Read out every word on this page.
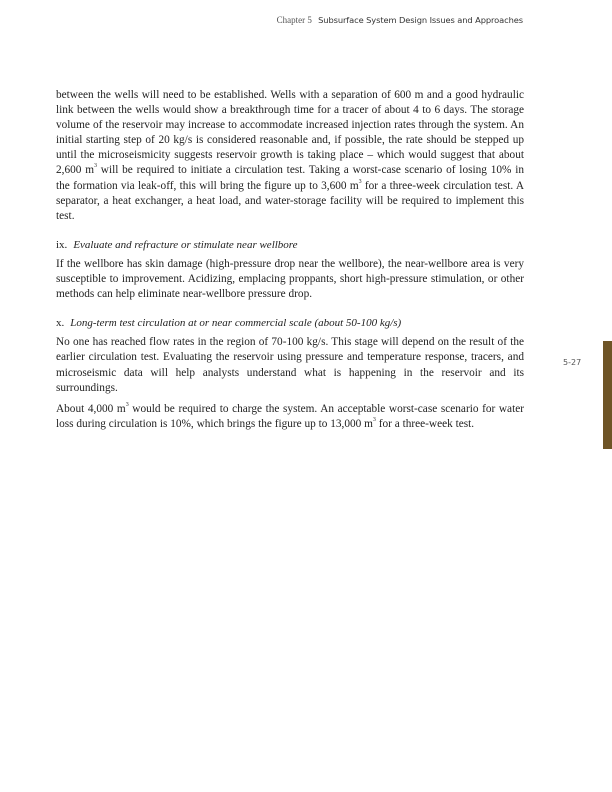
Chapter 5 Subsurface System Design Issues and Approaches

between the wells will need to be established. Wells with a separation of 600 m and a good hydraulic link between the wells would show a breakthrough time for a tracer of about 4 to 6 days. The storage volume of the reservoir may increase to accommodate increased injection rates through the system. An initial starting step of 20 kg/s is considered reasonable and, if possible, the rate should be stepped up until the microseismicity suggests reservoir growth is taking place – which would suggest that about 2,600 $m^3$ will be required to initiate a circulation test. Taking a worst-case scenario of losing 10% in the formation via leak-off, this will bring the figure up to 3,600 $m^3$ for a three-week circulation test. A separator, a heat exchanger, a heat load, and water-storage facility will be required to implement this test.

ix. Evaluate and refracture or stimulate near wellbore

If the wellbore has skin damage (high-pressure drop near the wellbore), the near-wellbore area is very susceptible to improvement. Acidizing, emplacing proppants, short high-pressure stimulation, or other methods can help eliminate near-wellbore pressure drop.

x. Long-term test circulation at or near commercial scale (about 50-100 kg/s)

No one has reached flow rates in the region of 70-100 kg/s. This stage will depend on the result of the earlier circulation test. Evaluating the reservoir using pressure and temperature response, tracers, and microseismic data will help analysts understand what is happening in the reservoir and its surroundings.

About 4,000 $m^3$ would be required to charge the system. An acceptable worst-case scenario for water loss during circulation is 10%, which brings the figure up to 13,000 $m^3$ for a three-week test.

5-27
